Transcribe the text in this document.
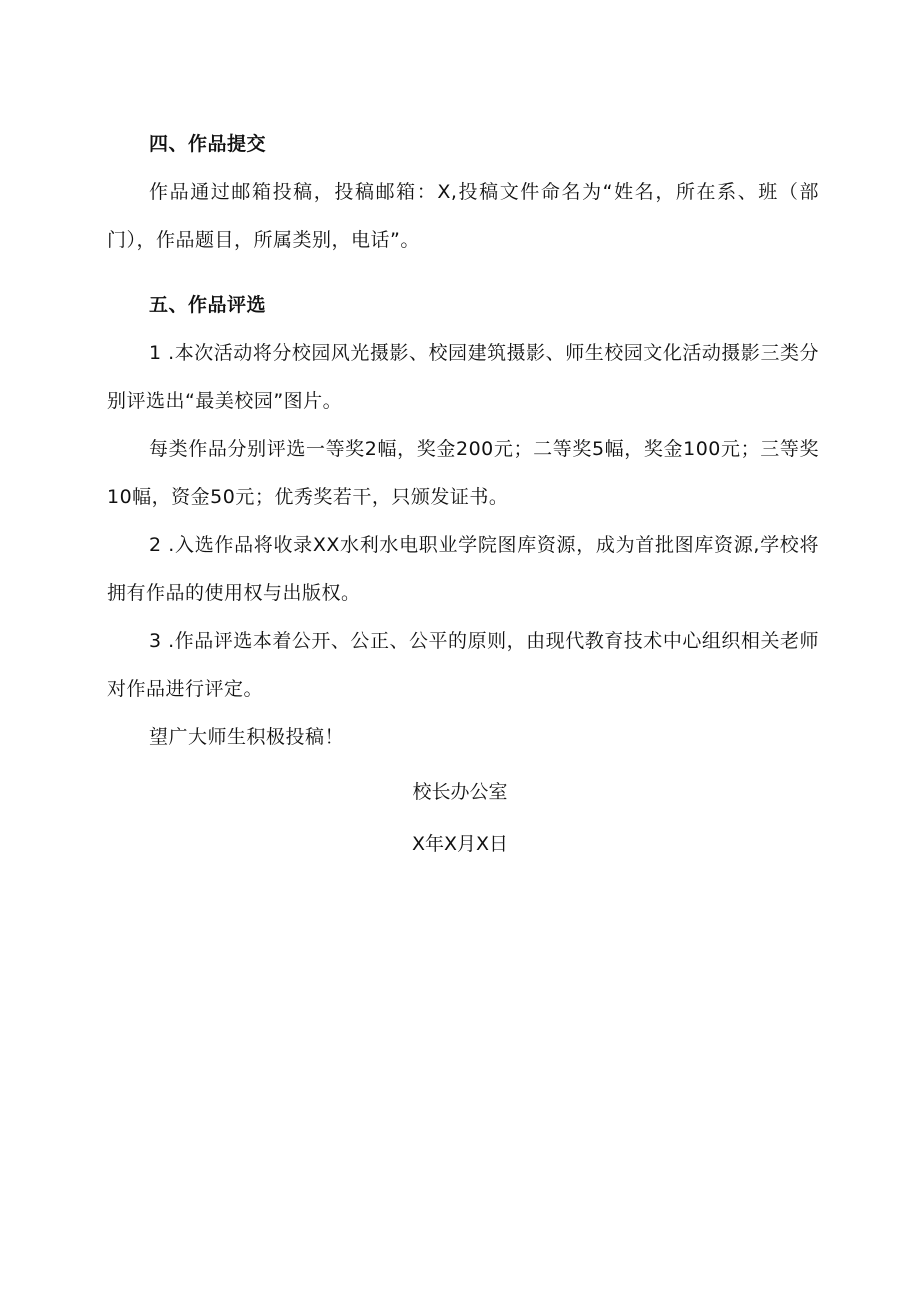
四、作品提交
作品通过邮箱投稿，投稿邮箱：X,投稿文件命名为“姓名，所在系、班（部门），作品题目，所属类别，电话”。
五、作品评选
1 .本次活动将分校园风光摄影、校园建筑摄影、师生校园文化活动摄影三类分别评选出“最美校园”图片。
每类作品分别评选一等奖2幅，奖金200元；二等奖5幅，奖金100元；三等奖10幅，资金50元；优秀奖若干，只颁发证书。
2 .入选作品将收录XX水利水电职业学院图库资源，成为首批图库资源,学校将拥有作品的使用权与出版权。
3 .作品评选本着公开、公正、公平的原则，由现代教育技术中心组织相关老师对作品进行评定。
望广大师生积极投稿！
校长办公室
X年X月X日
